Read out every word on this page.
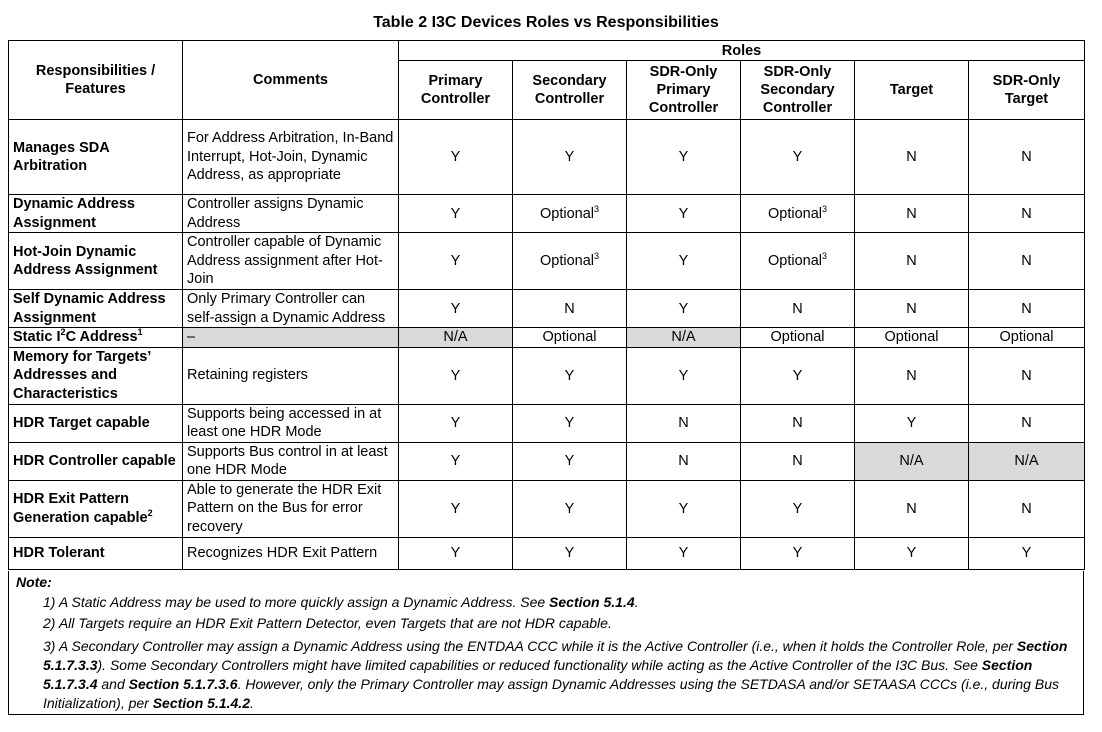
Table 2 I3C Devices Roles vs Responsibilities
Responsibilities / Features	Comments	Roles					
		Primary Controller	Secondary Controller	SDR-Only Primary Controller	SDR-Only Secondary Controller	Target	SDR-Only Target
Manages SDA Arbitration	For Address Arbitration, In-Band Interrupt, Hot-Join, Dynamic Address, as appropriate	Y	Y	Y	Y	N	N
Dynamic Address Assignment	Controller assigns Dynamic Address	Y	Optional$^3$	Y	Optional$^3$	N	N
Hot-Join Dynamic Address Assignment	Controller capable of Dynamic Address assignment after Hot-Join	Y	Optional$^3$	Y	Optional$^3$	N	N
Self Dynamic Address Assignment	Only Primary Controller can self-assign a Dynamic Address	Y	N	Y	N	N	N
Static $I^2C$ Address$^1$	–	N/A	Optional	N/A	Optional	Optional	Optional
Memory for Targets’ Addresses and Characteristics	Retaining registers	Y	Y	Y	Y	N	N
HDR Target capable	Supports being accessed in at least one HDR Mode	Y	Y	N	N	Y	N
HDR Controller capable	Supports Bus control in at least one HDR Mode	Y	Y	N	N	N/A	N/A
HDR Exit Pattern Generation capable$^2$	Able to generate the HDR Exit Pattern on the Bus for error recovery	Y	Y	Y	Y	N	N
HDR Tolerant	Recognizes HDR Exit Pattern	Y	Y	Y	Y	Y	Y
Note:
1) A Static Address may be used to more quickly assign a Dynamic Address. See Section 5.1.4.
2) All Targets require an HDR Exit Pattern Detector, even Targets that are not HDR capable.
3) A Secondary Controller may assign a Dynamic Address using the ENTDAA CCC while it is the Active Controller (i.e., when it holds the Controller Role, per Section 5.1.7.3.3). Some Secondary Controllers might have limited capabilities or reduced functionality while acting as the Active Controller of the I3C Bus. See Section 5.1.7.3.4 and Section 5.1.7.3.6. However, only the Primary Controller may assign Dynamic Addresses using the SETDASA and/or SETAASA CCCs (i.e., during Bus Initialization), per Section 5.1.4.2.
